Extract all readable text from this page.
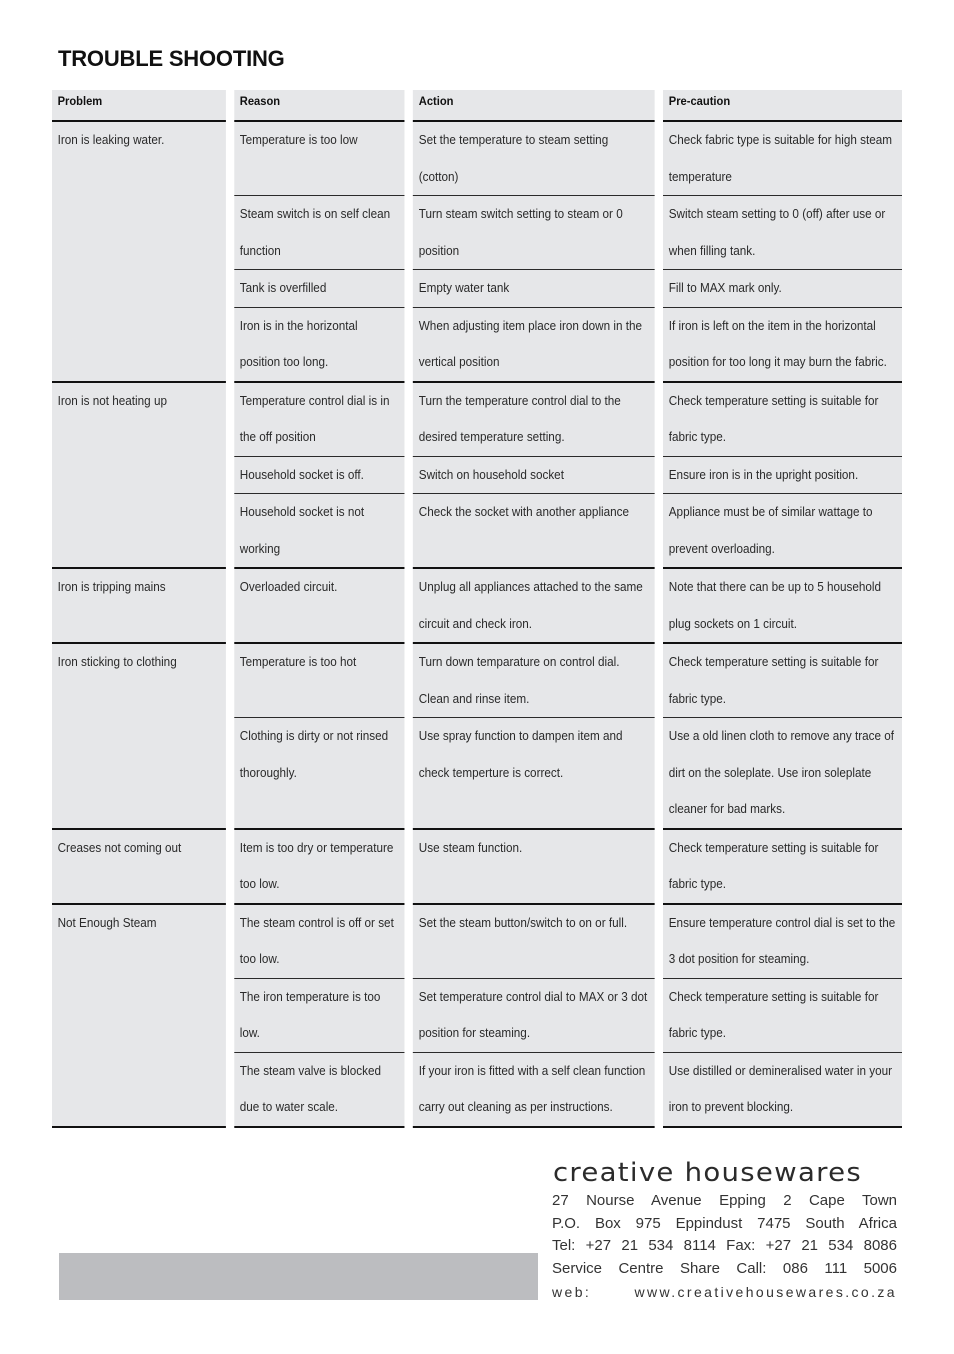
TROUBLE SHOOTING
Problem	Reason	Action	Pre-caution
Iron is leaking water.	Temperature is too low	Set the temperature to steam setting (cotton)	Check fabric type is suitable for high steam temperature
	Steam switch is on self clean function	Turn steam switch setting to steam or 0 position	Switch steam setting to 0 (off) after use or when filling tank.
	Tank is overfilled	Empty water tank	Fill to MAX mark only.
	Iron is in the horizontal position too long.	When adjusting item place iron down in the vertical position	If iron is left on the item in the horizontal position for too long it may burn the fabric.
Iron is not heating up	Temperature control dial is in the off position	Turn the temperature control dial to the desired temperature setting.	Check temperature setting is suitable for fabric type.
	Household socket is off.	Switch on household socket	Ensure iron is in the upright position.
	Household socket is not working	Check the socket with another appliance	Appliance must be of similar wattage to prevent overloading.
Iron is tripping mains	Overloaded circuit.	Unplug all appliances attached to the same circuit and check iron.	Note that there can be up to 5 household plug sockets on 1 circuit.
Iron sticking to clothing	Temperature is too hot	Turn down temparature on control dial. Clean and rinse item.	Check temperature setting is suitable for fabric type.
	Clothing is dirty or not rinsed thoroughly.	Use spray function to dampen item and check temperture is correct.	Use a old linen cloth to remove any trace of dirt on the soleplate. Use iron soleplate cleaner for bad marks.
Creases not coming out	Item is too dry or temperature too low.	Use steam function.	Check temperature setting is suitable for fabric type.
Not Enough Steam	The steam control is off or set too low.	Set the steam button/switch to on or full.	Ensure temperature control dial is set to the 3 dot position for steaming.
	The iron temperature is too low.	Set temperature control dial to MAX or 3 dot position for steaming.	Check temperature setting is suitable for fabric type.
	The steam valve is blocked due to water scale.	If your iron is fitted with a self clean function carry out cleaning as per instructions.	Use distilled or demineralised water in your iron to prevent blocking.
creative housewares
27 Nourse Avenue Epping 2 Cape Town
P.O. Box 975 Eppindust 7475 South Africa
Tel: +27 21 534 8114 Fax: +27 21 534 8086
Service Centre Share Call: 086 111 5006
web: www.creativehousewares.co.za
